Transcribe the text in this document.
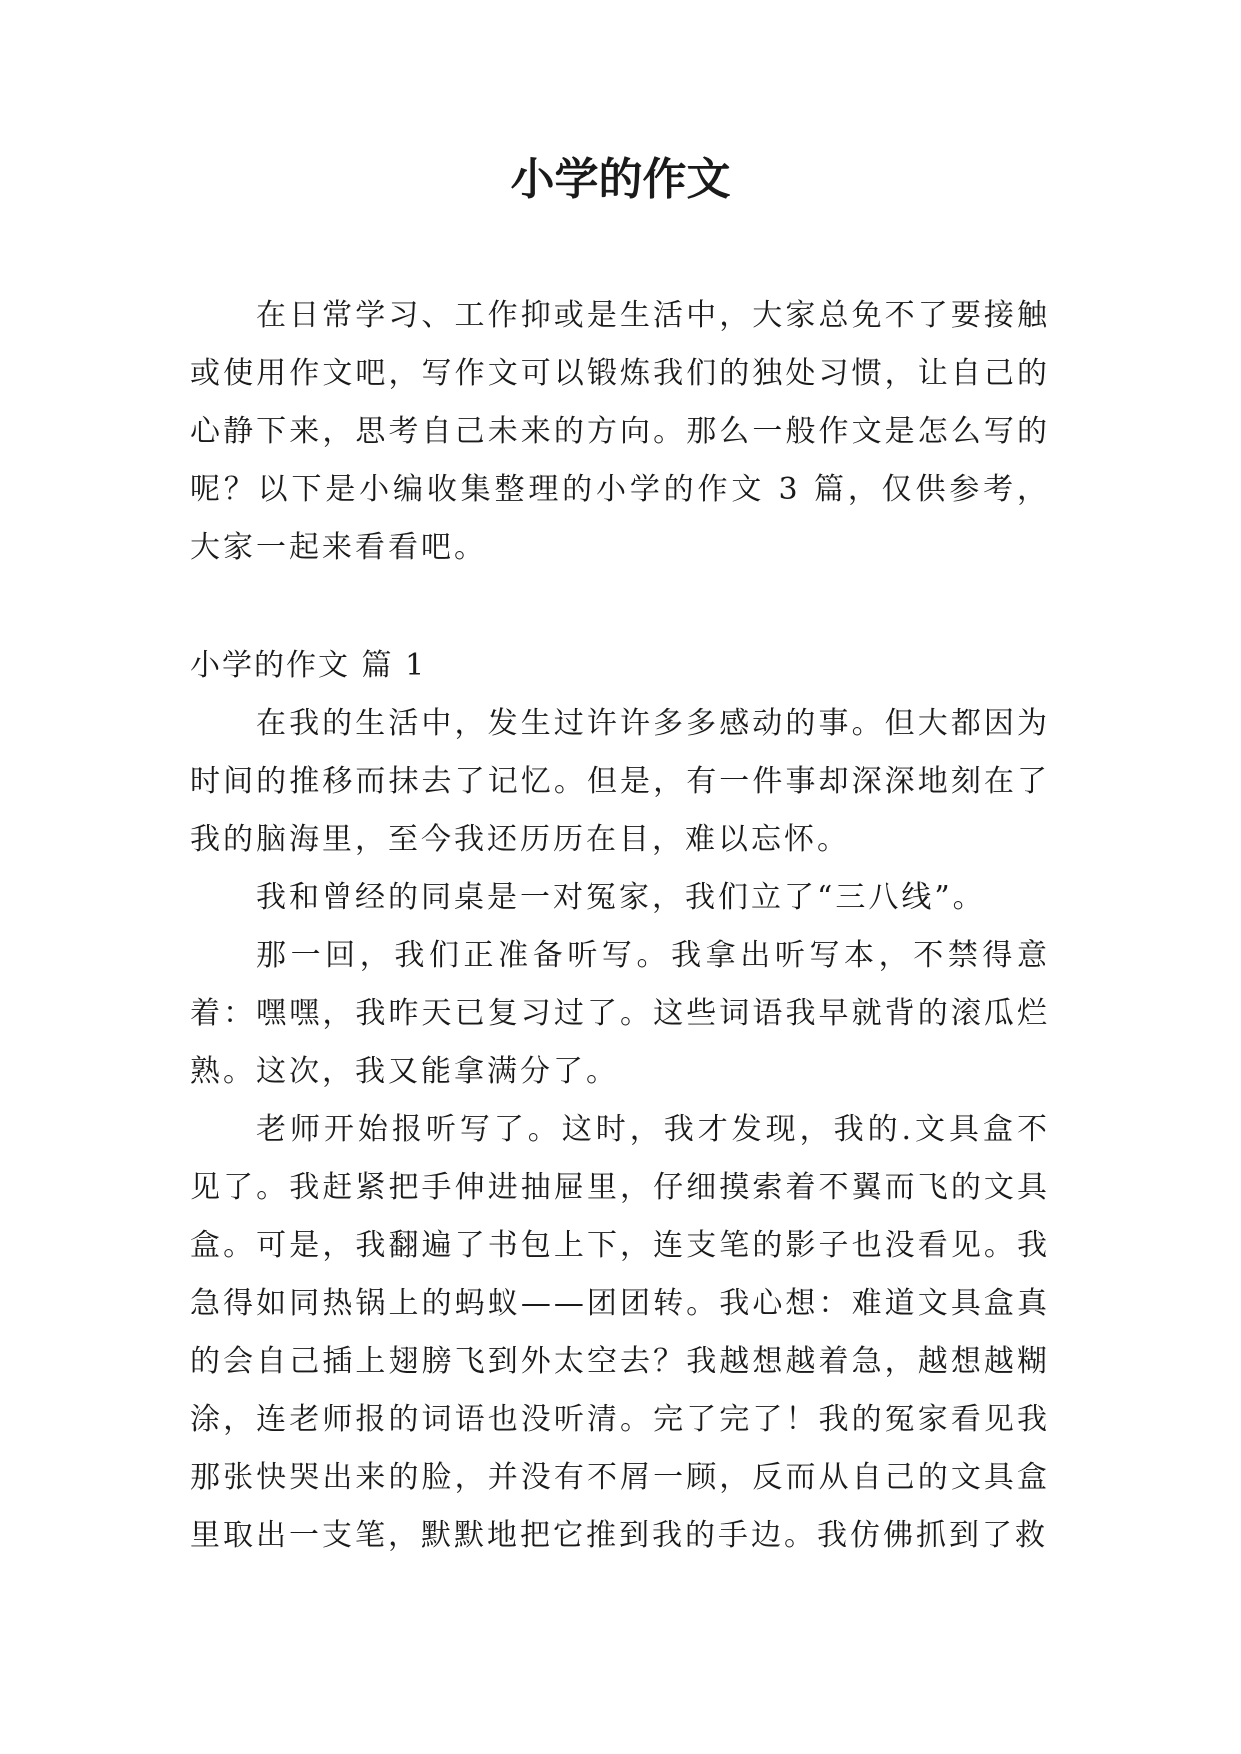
小学的作文

在日常学习、工作抑或是生活中，大家总免不了要接触或使用作文吧，写作文可以锻炼我们的独处习惯，让自己的心静下来，思考自己未来的方向。那么一般作文是怎么写的呢？以下是小编收集整理的小学的作文 3 篇，仅供参考，大家一起来看看吧。

小学的作文 篇 1

在我的生活中，发生过许许多多感动的事。但大都因为时间的推移而抹去了记忆。但是，有一件事却深深地刻在了我的脑海里，至今我还历历在目，难以忘怀。

我和曾经的同桌是一对冤家，我们立了“三八线”。

那一回，我们正准备听写。我拿出听写本，不禁得意着：嘿嘿，我昨天已复习过了。这些词语我早就背的滚瓜烂熟。这次，我又能拿满分了。

老师开始报听写了。这时，我才发现，我的.文具盒不见了。我赶紧把手伸进抽屉里，仔细摸索着不翼而飞的文具盒。可是，我翻遍了书包上下，连支笔的影子也没看见。我急得如同热锅上的蚂蚁——团团转。我心想：难道文具盒真的会自己插上翅膀飞到外太空去？我越想越着急，越想越糊涂，连老师报的词语也没听清。完了完了！我的冤家看见我那张快哭出来的脸，并没有不屑一顾，反而从自己的文具盒里取出一支笔，默默地把它推到我的手边。我仿佛抓到了救
